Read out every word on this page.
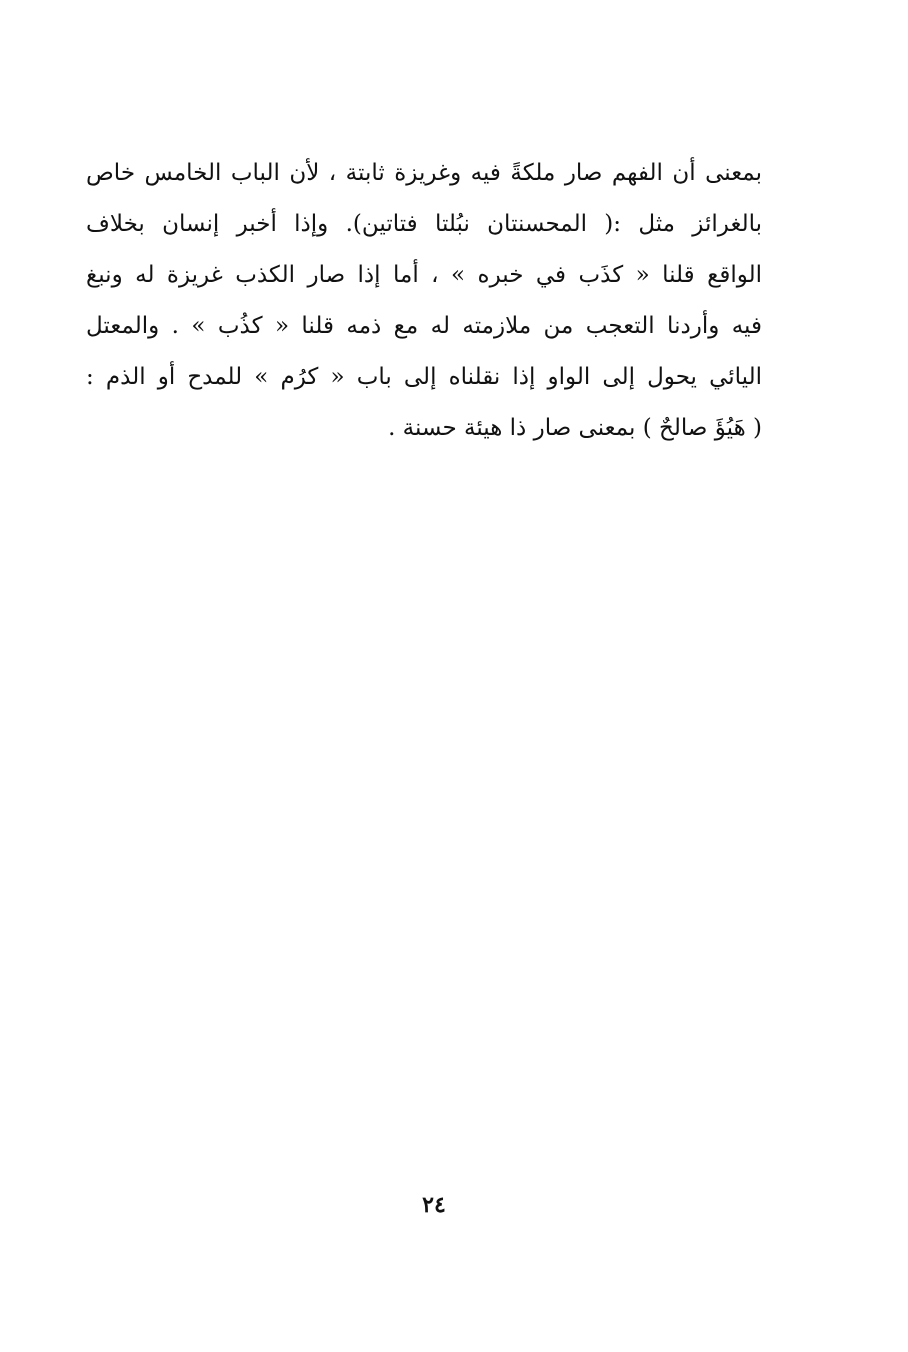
بمعنى أن الفهم صار ملكةً فيه وغريزة ثابتة ، لأن الباب الخامس خاص
بالغرائز مثل :( المحسنتان نبُلتا فتاتين). وإذا أخبر إنسان بخلاف
الواقع قلنا « كذَب في خبره » ، أما إذا صار الكذب غريزة له ونبغ
فيه وأردنا التعجب من ملازمته له مع ذمه قلنا « كذُب » . والمعتل
اليائي يحول إلى الواو إذا نقلناه إلى باب « كرُم » للمدح أو الذم :
( هَيُؤَ صالحٌ ) بمعنى صار ذا هيئة حسنة .
٢٤
